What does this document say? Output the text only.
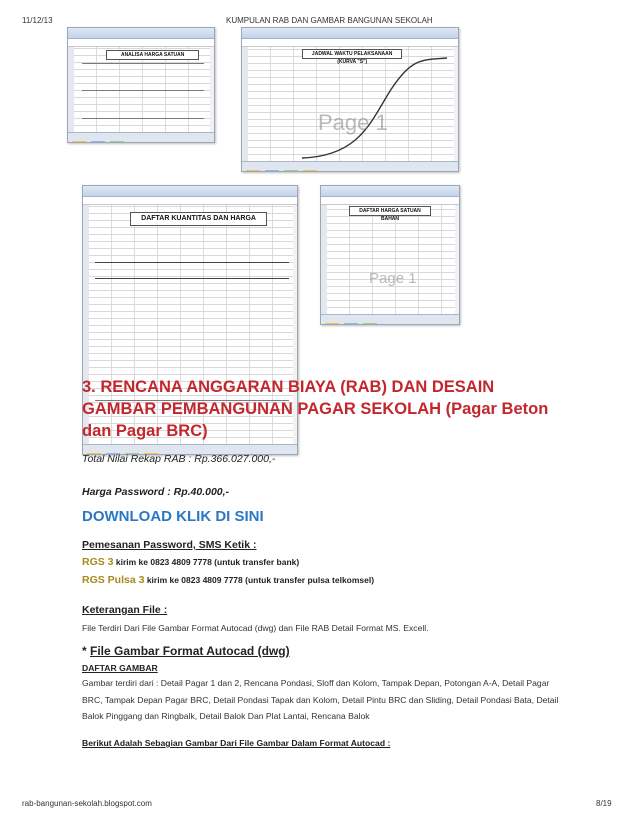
11/12/13	KUMPULAN RAB DAN GAMBAR BANGUNAN SEKOLAH
ANALISA HARGA SATUAN	JADWAL WAKTU PELAKSANAAN (KURVA "S")
Page 1
DAFTAR KUANTITAS DAN HARGA
DAFTAR HARGA SATUAN BAHAN
Page 1
3. RENCANA ANGGARAN BIAYA (RAB) DAN DESAIN GAMBAR PEMBANGUNAN PAGAR SEKOLAH (Pagar Beton dan Pagar BRC)
Total Nilai Rekap RAB : Rp.366.027.000,-
Harga Password : Rp.40.000,-
DOWNLOAD KLIK DI SINI
Pemesanan Password, SMS Ketik :
RGS 3 kirim ke 0823 4809 7778 (untuk transfer bank)
RGS Pulsa 3 kirim ke 0823 4809 7778 (untuk transfer pulsa telkomsel)
Keterangan File :
File Terdiri Dari File Gambar Format Autocad (dwg) dan File RAB Detail Format MS. Excell.
* File Gambar Format Autocad (dwg)
DAFTAR GAMBAR
Gambar terdiri dari : Detail Pagar 1 dan 2, Rencana Pondasi, Sloff dan Kolom, Tampak Depan, Potongan A-A, Detail Pagar BRC, Tampak Depan Pagar BRC, Detail Pondasi Tapak dan Kolom, Detail Pintu BRC dan Sliding, Detail Pondasi Bata, Detail Balok Pinggang dan Ringbalk, Detail Balok Dan Plat Lantai, Rencana Balok
Berikut Adalah Sebagian Gambar Dari File Gambar Dalam Format Autocad :
rab-bangunan-sekolah.blogspot.com	8/19
